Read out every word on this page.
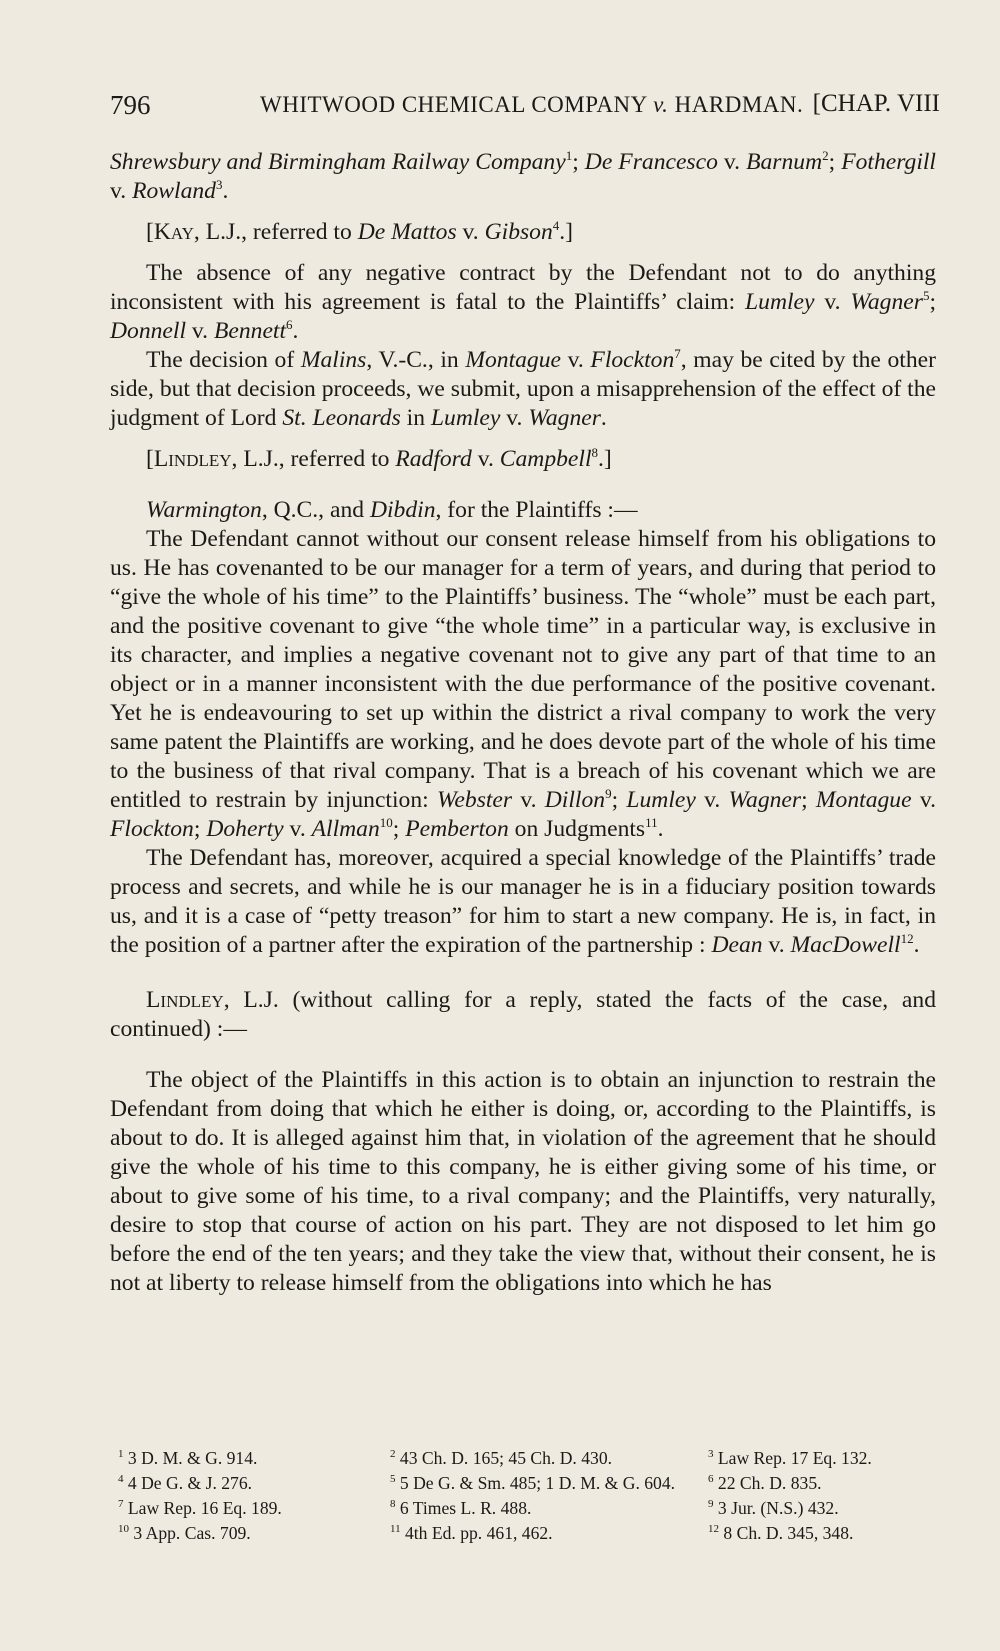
796	WHITWOOD CHEMICAL COMPANY v. HARDMAN. [CHAP. VIII

Shrewsbury and Birmingham Railway Company$^1$; De Francesco v. Barnum$^2$; Fothergill v. Rowland$^3$.

[Kay, L.J., referred to De Mattos v. Gibson$^4$.]

The absence of any negative contract by the Defendant not to do anything inconsistent with his agreement is fatal to the Plaintiffs’ claim: Lumley v. Wagner$^5$; Donnell v. Bennett$^6$.

The decision of Malins, V.-C., in Montague v. Flockton$^7$, may be cited by the other side, but that decision proceeds, we submit, upon a misapprehension of the effect of the judgment of Lord St. Leonards in Lumley v. Wagner.

[Lindley, L.J., referred to Radford v. Campbell$^8$.]

Warmington, Q.C., and Dibdin, for the Plaintiffs :—

The Defendant cannot without our consent release himself from his obligations to us. He has covenanted to be our manager for a term of years, and during that period to “give the whole of his time” to the Plaintiffs’ business. The “whole” must be each part, and the positive covenant to give “the whole time” in a particular way, is exclusive in its character, and implies a negative covenant not to give any part of that time to an object or in a manner inconsistent with the due performance of the positive covenant. Yet he is endeavouring to set up within the district a rival company to work the very same patent the Plaintiffs are working, and he does devote part of the whole of his time to the business of that rival company. That is a breach of his covenant which we are entitled to restrain by injunction: Webster v. Dillon$^9$; Lumley v. Wagner; Montague v. Flockton; Doherty v. Allman$^{10}$; Pemberton on Judgments$^{11}$.

The Defendant has, moreover, acquired a special knowledge of the Plaintiffs’ trade process and secrets, and while he is our manager he is in a fiduciary position towards us, and it is a case of “petty treason” for him to start a new company. He is, in fact, in the position of a partner after the expiration of the partnership : Dean v. MacDowell$^{12}$.

Lindley, L.J. (without calling for a reply, stated the facts of the case, and continued) :—

The object of the Plaintiffs in this action is to obtain an injunction to restrain the Defendant from doing that which he either is doing, or, according to the Plaintiffs, is about to do. It is alleged against him that, in violation of the agreement that he should give the whole of his time to this company, he is either giving some of his time, or about to give some of his time, to a rival company; and the Plaintiffs, very naturally, desire to stop that course of action on his part. They are not disposed to let him go before the end of the ten years; and they take the view that, without their consent, he is not at liberty to release himself from the obligations into which he has

$^1$ 3 D. M. & G. 914.	$^2$ 43 Ch. D. 165; 45 Ch. D. 430.	$^3$ Law Rep. 17 Eq. 132.
$^4$ 4 De G. & J. 276.	$^5$ 5 De G. & Sm. 485; 1 D. M. & G. 604.	$^6$ 22 Ch. D. 835.
$^7$ Law Rep. 16 Eq. 189.	$^8$ 6 Times L. R. 488.	$^9$ 3 Jur. (N.S.) 432.
$^{10}$ 3 App. Cas. 709.	$^{11}$ 4th Ed. pp. 461, 462.	$^{12}$ 8 Ch. D. 345, 348.
